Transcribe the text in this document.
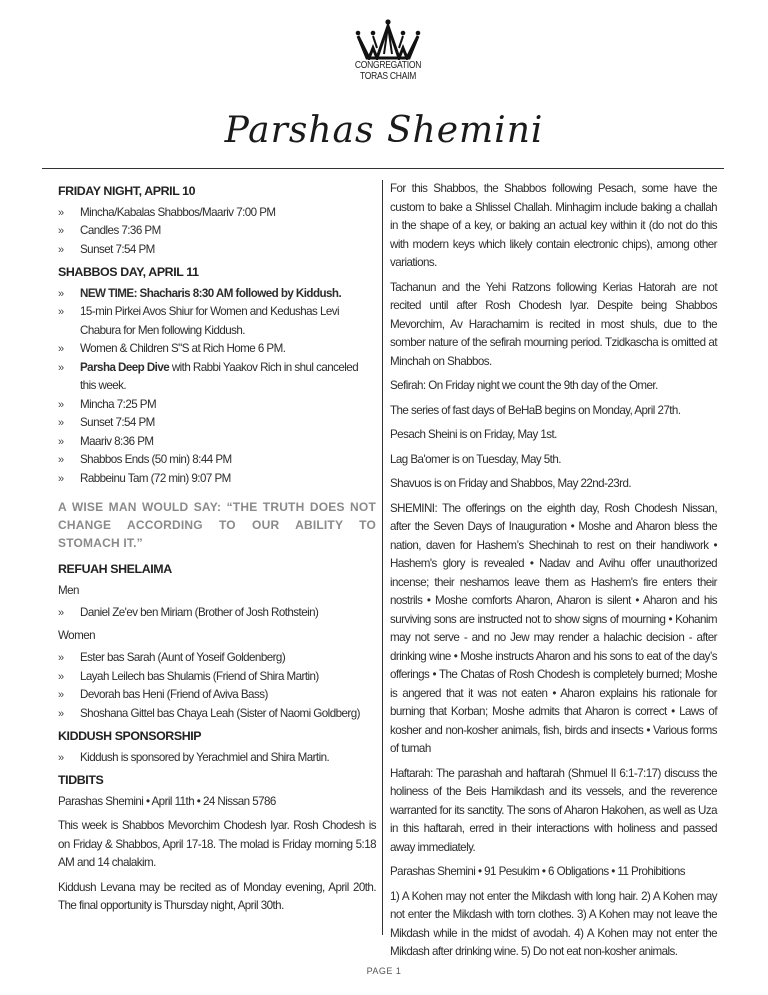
CONGREGATION
TORAS CHAIM
Parshas Shemini
FRIDAY NIGHT, APRIL 10
» Mincha/Kabalas Shabbos/Maariv 7:00 PM
» Candles 7:36 PM
» Sunset 7:54 PM
SHABBOS DAY, APRIL 11
» NEW TIME: Shacharis 8:30 AM followed by Kiddush.
» 15-min Pirkei Avos Shiur for Women and Kedushas Levi Chabura for Men following Kiddush.
» Women & Children S"S at Rich Home 6 PM.
» Parsha Deep Dive with Rabbi Yaakov Rich in shul canceled this week.
» Mincha 7:25 PM
» Sunset 7:54 PM
» Maariv 8:36 PM
» Shabbos Ends (50 min) 8:44 PM
» Rabbeinu Tam (72 min) 9:07 PM
A WISE MAN WOULD SAY: “THE TRUTH DOES NOT CHANGE ACCORDING TO OUR ABILITY TO STOMACH IT.”
REFUAH SHELAIMA
Men
» Daniel Ze'ev ben Miriam (Brother of Josh Rothstein)
Women
» Ester bas Sarah (Aunt of Yoseif Goldenberg)
» Layah Leilech bas Shulamis (Friend of Shira Martin)
» Devorah bas Heni (Friend of Aviva Bass)
» Shoshana Gittel bas Chaya Leah (Sister of Naomi Goldberg)
KIDDUSH SPONSORSHIP
» Kiddush is sponsored by Yerachmiel and Shira Martin.
TIDBITS

Parashas Shemini • April 11th • 24 Nissan 5786

This week is Shabbos Mevorchim Chodesh Iyar. Rosh Chodesh is on Friday & Shabbos, April 17-18. The molad is Friday morning 5:18 AM and 14 chalakim.

Kiddush Levana may be recited as of Monday evening, April 20th. The final opportunity is Thursday night, April 30th.

For this Shabbos, the Shabbos following Pesach, some have the custom to bake a Shlissel Challah. Minhagim include baking a challah in the shape of a key, or baking an actual key within it (do not do this with modern keys which likely contain electronic chips), among other variations.

Tachanun and the Yehi Ratzons following Kerias Hatorah are not recited until after Rosh Chodesh Iyar. Despite being Shabbos Mevorchim, Av Harachamim is recited in most shuls, due to the somber nature of the sefirah mourning period. Tzidkascha is omitted at Minchah on Shabbos.

Sefirah: On Friday night we count the 9th day of the Omer.

The series of fast days of BeHaB begins on Monday, April 27th.

Pesach Sheini is on Friday, May 1st.

Lag Ba'omer is on Tuesday, May 5th.

Shavuos is on Friday and Shabbos, May 22nd-23rd.

SHEMINI: The offerings on the eighth day, Rosh Chodesh Nissan, after the Seven Days of Inauguration • Moshe and Aharon bless the nation, daven for Hashem’s Shechinah to rest on their handiwork • Hashem's glory is revealed • Nadav and Avihu offer unauthorized incense; their neshamos leave them as Hashem's fire enters their nostrils • Moshe comforts Aharon, Aharon is silent • Aharon and his surviving sons are instructed not to show signs of mourning • Kohanim may not serve - and no Jew may render a halachic decision - after drinking wine • Moshe instructs Aharon and his sons to eat of the day’s offerings • The Chatas of Rosh Chodesh is completely burned; Moshe is angered that it was not eaten • Aharon explains his rationale for burning that Korban; Moshe admits that Aharon is correct • Laws of kosher and non-kosher animals, fish, birds and insects • Various forms of tumah

Haftarah: The parashah and haftarah (Shmuel II 6:1-7:17) discuss the holiness of the Beis Hamikdash and its vessels, and the reverence warranted for its sanctity. The sons of Aharon Hakohen, as well as Uza in this haftarah, erred in their interactions with holiness and passed away immediately.

Parashas Shemini • 91 Pesukim • 6 Obligations • 11 Prohibitions

1) A Kohen may not enter the Mikdash with long hair. 2) A Kohen may not enter the Mikdash with torn clothes. 3) A Kohen may not leave the Mikdash while in the midst of avodah. 4) A Kohen may not enter the Mikdash after drinking wine. 5) Do not eat non-kosher animals.

PAGE 1
